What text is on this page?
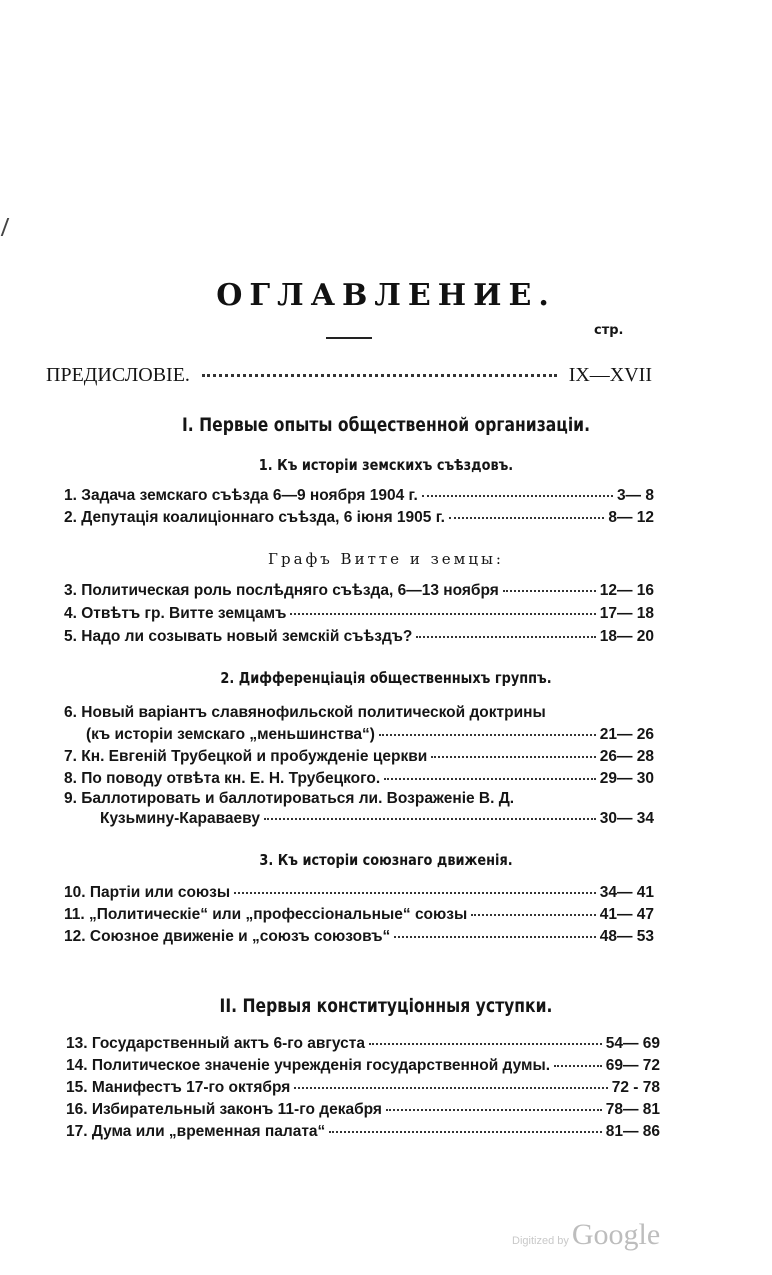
ОГЛАВЛЕНИЕ.
стр.
ПРЕДИСЛОВІЕ.	IX—XVII
I. Первые опыты общественной организаціи.
1. Къ исторіи земскихъ съѣздовъ.
1.
Задача земскаго съѣзда 6—9 ноября 1904 г.	3— 8
2.
Депутація коалиціоннаго съѣзда, 6 іюня 1905 г.	8— 12
Графъ Витте и земцы:
3.
Политическая роль послѣдняго съѣзда, 6—13 ноября	12— 16
4.
Отвѣтъ гр. Витте земцамъ	17— 18
5.
Надо ли созывать новый земскій съѣздъ?	18— 20
2. Дифференціація общественныхъ группъ.
6.
Новый варіантъ славянофильской политической доктрины
(къ исторіи земскаго „меньшинства“)	21— 26
7.
Кн. Евгеній Трубецкой и пробужденіе церкви	26— 28
8.
По поводу отвѣта кн. Е. Н. Трубецкого.	29— 30
9.
Баллотировать и баллотироваться ли. Возраженіе В. Д.
Кузьмину-Караваеву	30— 34
3. Къ исторіи союзнаго движенія.
10.
Партіи или союзы	34— 41
11.
„Политическіе“ или „профессіональные“ союзы	41— 47
12.
Союзное движеніе и „союзъ союзовъ“	48— 53
II. Первыя конституціонныя уступки.
13.
Государственный актъ 6-го августа	54— 69
14.
Политическое значеніе учрежденія государственной думы.	69— 72
15.
Манифестъ 17-го октября	72 - 78
16.
Избирательный законъ 11-го декабря	78— 81
17.
Дума или „временная палата“	81— 86
Digitized by Google
